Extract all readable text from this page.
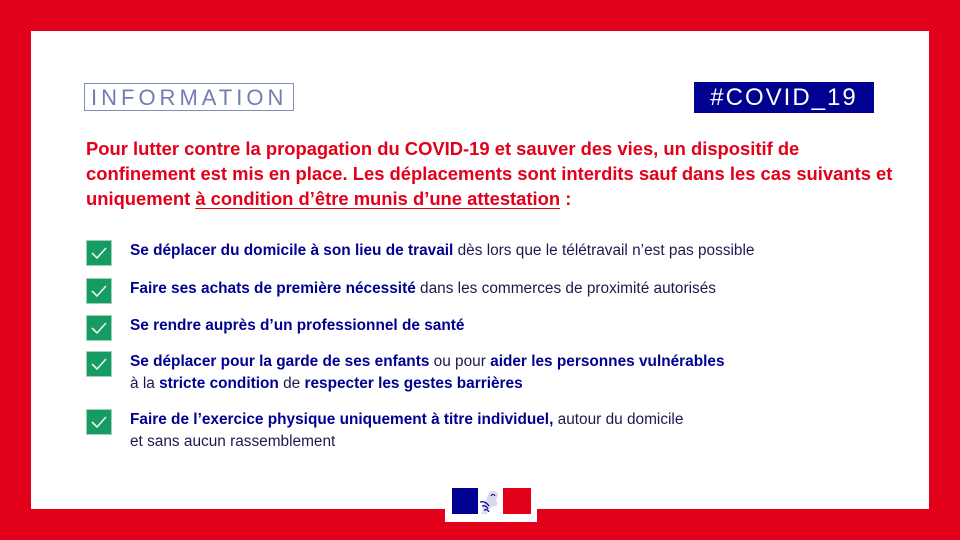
INFORMATION	#COVID_19
Pour lutter contre la propagation du COVID-19 et sauver des vies, un dispositif de confinement est mis en place. Les déplacements sont interdits sauf dans les cas suivants et uniquement à condition d’être munis d’une attestation :
Se déplacer du domicile à son lieu de travail dès lors que le télétravail n’est pas possible
Faire ses achats de première nécessité dans les commerces de proximité autorisés
Se rendre auprès d’un professionnel de santé
Se déplacer pour la garde de ses enfants ou pour aider les personnes vulnérables
à la stricte condition de respecter les gestes barrières
Faire de l’exercice physique uniquement à titre individuel, autour du domicile
et sans aucun rassemblement
